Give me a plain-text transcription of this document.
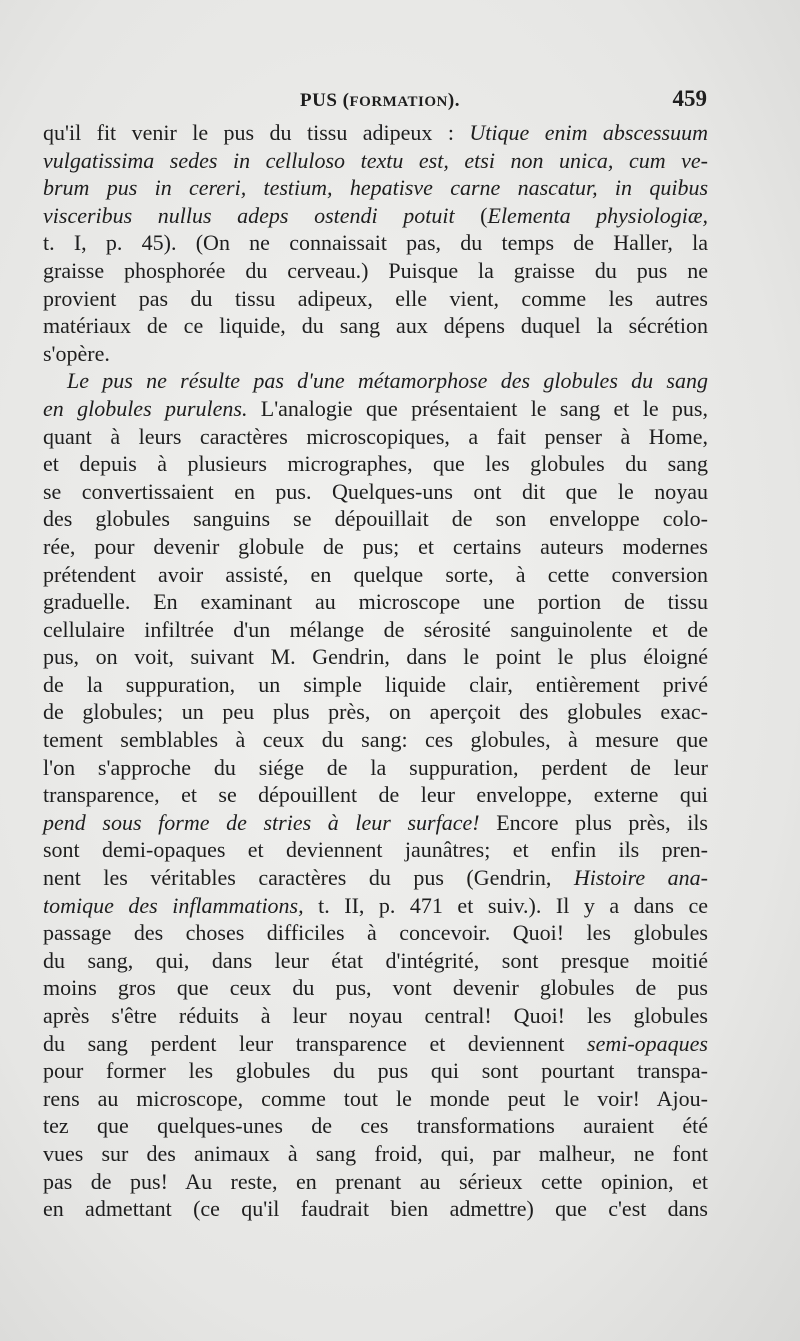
PUS (FORMATION).	459
qu'il fit venir le pus du tissu adipeux : Utique enim abscessuum
vulgatissima sedes in celluloso textu est, etsi non unica, cum ve-
brum pus in cereri, testium, hepatisve carne nascatur, in quibus
visceribus nullus adeps ostendi potuit (Elementa physiologiæ,
t. I, p. 45). (On ne connaissait pas, du temps de Haller, la
graisse phosphorée du cerveau.) Puisque la graisse du pus ne
provient pas du tissu adipeux, elle vient, comme les autres
matériaux de ce liquide, du sang aux dépens duquel la sécrétion
s'opère.
Le pus ne résulte pas d'une métamorphose des globules du sang
en globules purulens. L'analogie que présentaient le sang et le pus,
quant à leurs caractères microscopiques, a fait penser à Home,
et depuis à plusieurs micrographes, que les globules du sang
se convertissaient en pus. Quelques-uns ont dit que le noyau
des globules sanguins se dépouillait de son enveloppe colo-
rée, pour devenir globule de pus; et certains auteurs modernes
prétendent avoir assisté, en quelque sorte, à cette conversion
graduelle. En examinant au microscope une portion de tissu
cellulaire infiltrée d'un mélange de sérosité sanguinolente et de
pus, on voit, suivant M. Gendrin, dans le point le plus éloigné
de la suppuration, un simple liquide clair, entièrement privé
de globules; un peu plus près, on aperçoit des globules exac-
tement semblables à ceux du sang: ces globules, à mesure que
l'on s'approche du siége de la suppuration, perdent de leur
transparence, et se dépouillent de leur enveloppe, externe qui
pend sous forme de stries à leur surface! Encore plus près, ils
sont demi-opaques et deviennent jaunâtres; et enfin ils pren-
nent les véritables caractères du pus (Gendrin, Histoire ana-
tomique des inflammations, t. II, p. 471 et suiv.). Il y a dans ce
passage des choses difficiles à concevoir. Quoi! les globules
du sang, qui, dans leur état d'intégrité, sont presque moitié
moins gros que ceux du pus, vont devenir globules de pus
après s'être réduits à leur noyau central! Quoi! les globules
du sang perdent leur transparence et deviennent semi-opaques
pour former les globules du pus qui sont pourtant transpa-
rens au microscope, comme tout le monde peut le voir! Ajou-
tez que quelques-unes de ces transformations auraient été
vues sur des animaux à sang froid, qui, par malheur, ne font
pas de pus! Au reste, en prenant au sérieux cette opinion, et
en admettant (ce qu'il faudrait bien admettre) que c'est dans
